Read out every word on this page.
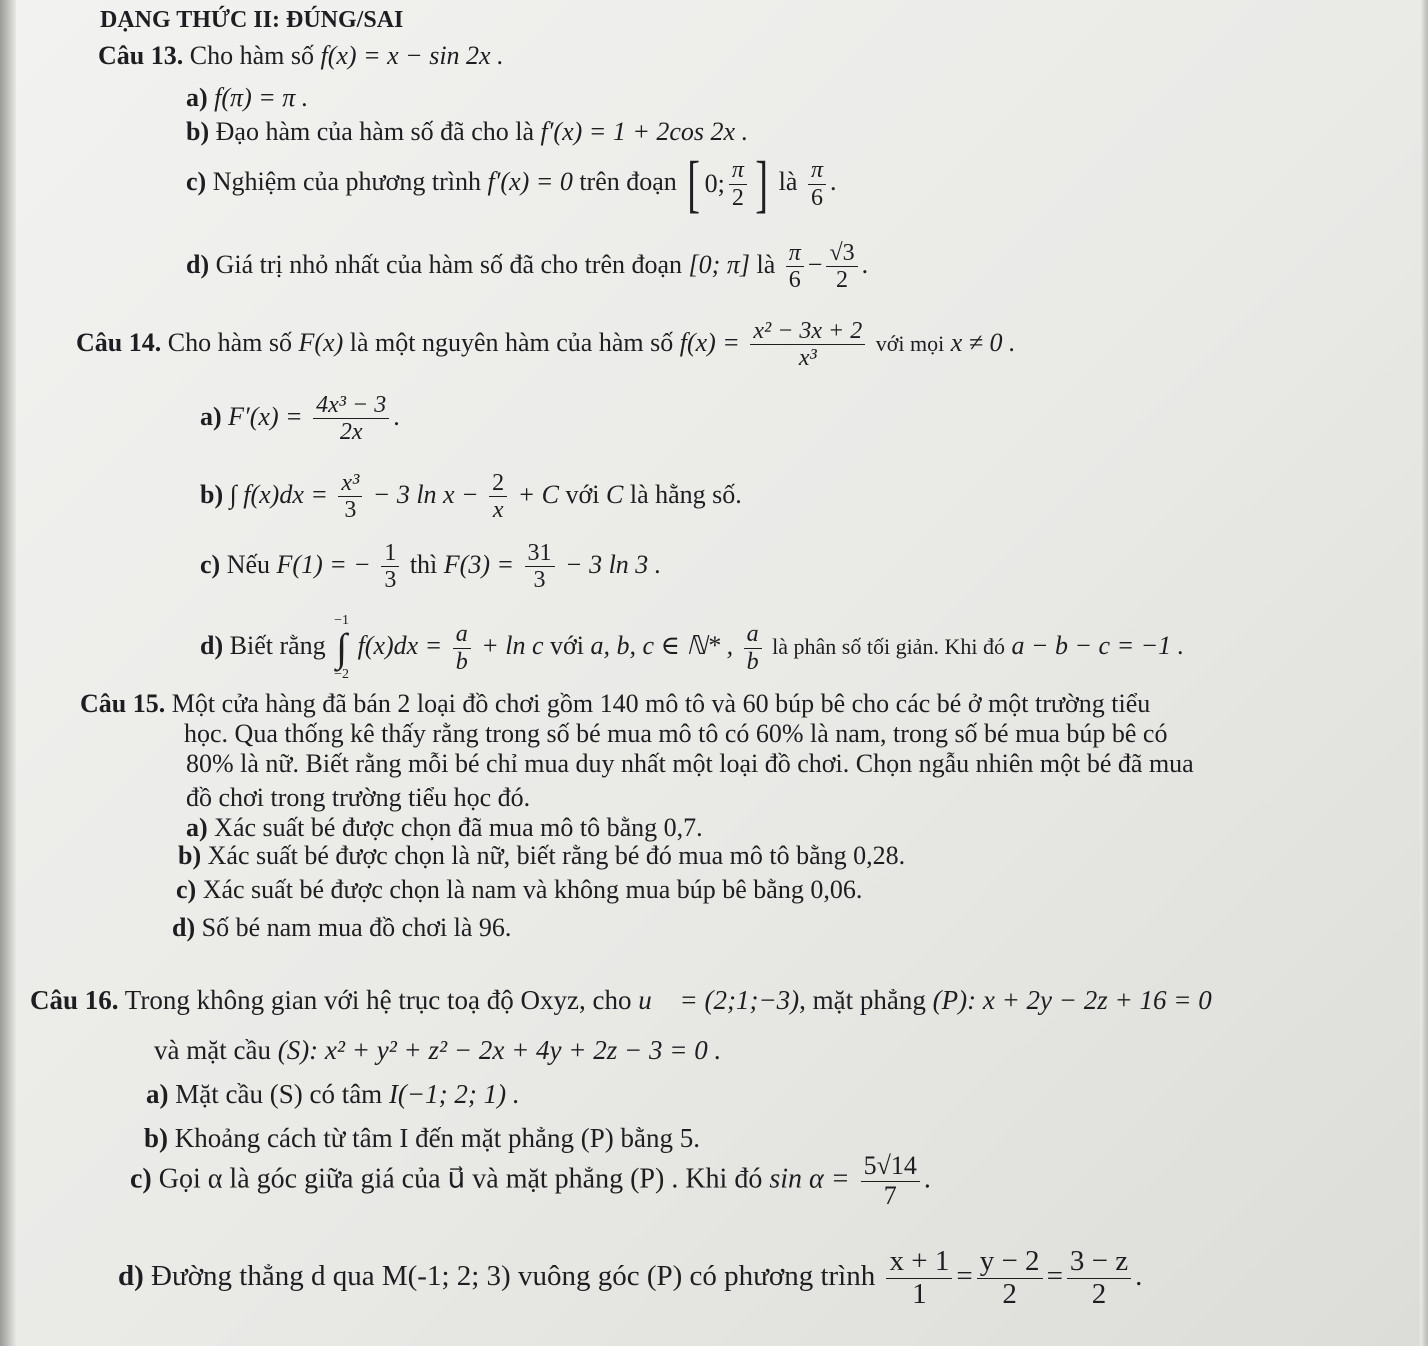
DẠNG THỨC II: ĐÚNG/SAI
Câu 13. Cho hàm số f(x) = x − sin 2x .
a) f(π) = π .
b) Đạo hàm của hàm số đã cho là f′(x) = 1 + 2cos 2x .
c) Nghiệm của phương trình f′(x) = 0 trên đoạn [ 0; $\frac{\pi}{2}$ ] là $\frac{\pi}{6}$ .
d) Giá trị nhỏ nhất của hàm số đã cho trên đoạn [0; π] là $\frac{\pi}{6} - \frac{√3}{2}$ .
Câu 14. Cho hàm số F(x) là một nguyên hàm của hàm số $f(x) = \frac{\text{x² − 3x + 2}}{\text{x³}}$ với mọi x ≠ 0 .
a) $F'(x) = \frac{\text{4x³ − 3}}{2x}$ .
b) ∫ $f(x)dx = \frac{\text{x³}}{3} - 3$ $\ln x - \frac{2}{x} + C$ với C là hằng số.
c) Nếu F(1) = − $\frac{1}{3}$ thì $F(3) = \frac{31}{3} - 3$ ln 3 .
d) Biết rằng
−1
∫
−2
$f(x)dx = \frac{a}{b} + \ln c$ với a, b, c ∈ ℕ* , $\frac{a}{b}$ là phân số tối giản. Khi đó a − b − c = −1 .
Câu 15. Một cửa hàng đã bán 2 loại đồ chơi gồm 140 mô tô và 60 búp bê cho các bé ở một trường tiểu
học. Qua thống kê thấy rằng trong số bé mua mô tô có 60% là nam, trong số bé mua búp bê có
80% là nữ. Biết rằng mỗi bé chỉ mua duy nhất một loại đồ chơi. Chọn ngẫu nhiên một bé đã mua
đồ chơi trong trường tiểu học đó.
a) Xác suất bé được chọn đã mua mô tô bằng 0,7.
b) Xác suất bé được chọn là nữ, biết rằng bé đó mua mô tô bằng 0,28.
c) Xác suất bé được chọn là nam và không mua búp bê bằng 0,06.
d) Số bé nam mua đồ chơi là 96.
Câu 16. Trong không gian với hệ trục toạ độ Oxyz, cho u⃗ = (2;1;−3), mặt phẳng (P): x + 2y − 2z + 16 = 0
và mặt cầu (S): x² + y² + z² − 2x + 4y + 2z − 3 = 0 .
a) Mặt cầu (S) có tâm I(−1; 2; 1) .
b) Khoảng cách từ tâm I đến mặt phẳng (P) bằng 5.
c) Gọi α là góc giữa giá của u⃗ và mặt phẳng (P) . Khi đó $\sin \alpha = \frac{5√14}{7}$ .
d) Đường thẳng d qua M(-1; 2; 3) vuông góc (P) có phương trình $\frac{x + 1}{1} = \frac{y - 2}{2} = \frac{3 - z}{2}$ .
